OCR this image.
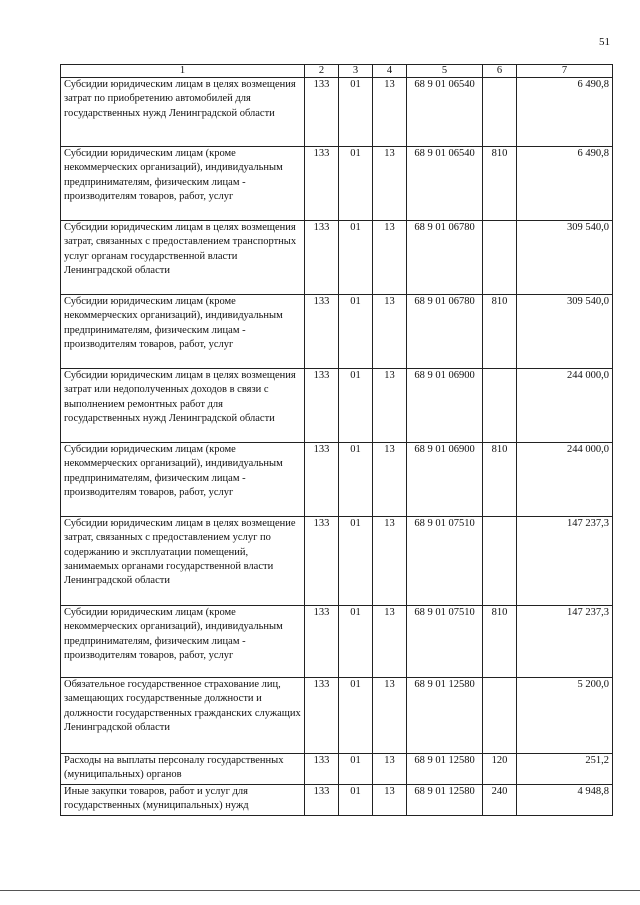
51
1	2	3	4	5	6	7
Субсидии юридическим лицам в целях возмещения затрат по приобретению автомобилей для государственных нужд Ленинградской области	133	01	13	68 9 01 06540		6 490,8
Субсидии юридическим лицам (кроме некоммерческих организаций), индивидуальным предпринимателям, физическим лицам - производителям товаров, работ, услуг	133	01	13	68 9 01 06540	810	6 490,8
Субсидии юридическим лицам в целях возмещения затрат, связанных с предоставлением транспортных услуг органам государственной власти Ленинградской области	133	01	13	68 9 01 06780		309 540,0
Субсидии юридическим лицам (кроме некоммерческих организаций), индивидуальным предпринимателям, физическим лицам - производителям товаров, работ, услуг	133	01	13	68 9 01 06780	810	309 540,0
Субсидии юридическим лицам в целях возмещения затрат или недополученных доходов в связи с выполнением ремонтных работ для государственных нужд Ленинградской области	133	01	13	68 9 01 06900		244 000,0
Субсидии юридическим лицам (кроме некоммерческих организаций), индивидуальным предпринимателям, физическим лицам - производителям товаров, работ, услуг	133	01	13	68 9 01 06900	810	244 000,0
Субсидии юридическим лицам в целях возмещение затрат, связанных с предоставлением услуг по содержанию и эксплуатации помещений, занимаемых органами государственной власти Ленинградской области	133	01	13	68 9 01 07510		147 237,3
Субсидии юридическим лицам (кроме некоммерческих организаций), индивидуальным предпринимателям, физическим лицам - производителям товаров, работ, услуг	133	01	13	68 9 01 07510	810	147 237,3
Обязательное государственное страхование лиц, замещающих государственные должности и должности государственных гражданских служащих Ленинградской области	133	01	13	68 9 01 12580		5 200,0
Расходы на выплаты персоналу государственных (муниципальных) органов	133	01	13	68 9 01 12580	120	251,2
Иные закупки товаров, работ и услуг для государственных (муниципальных) нужд	133	01	13	68 9 01 12580	240	4 948,8
